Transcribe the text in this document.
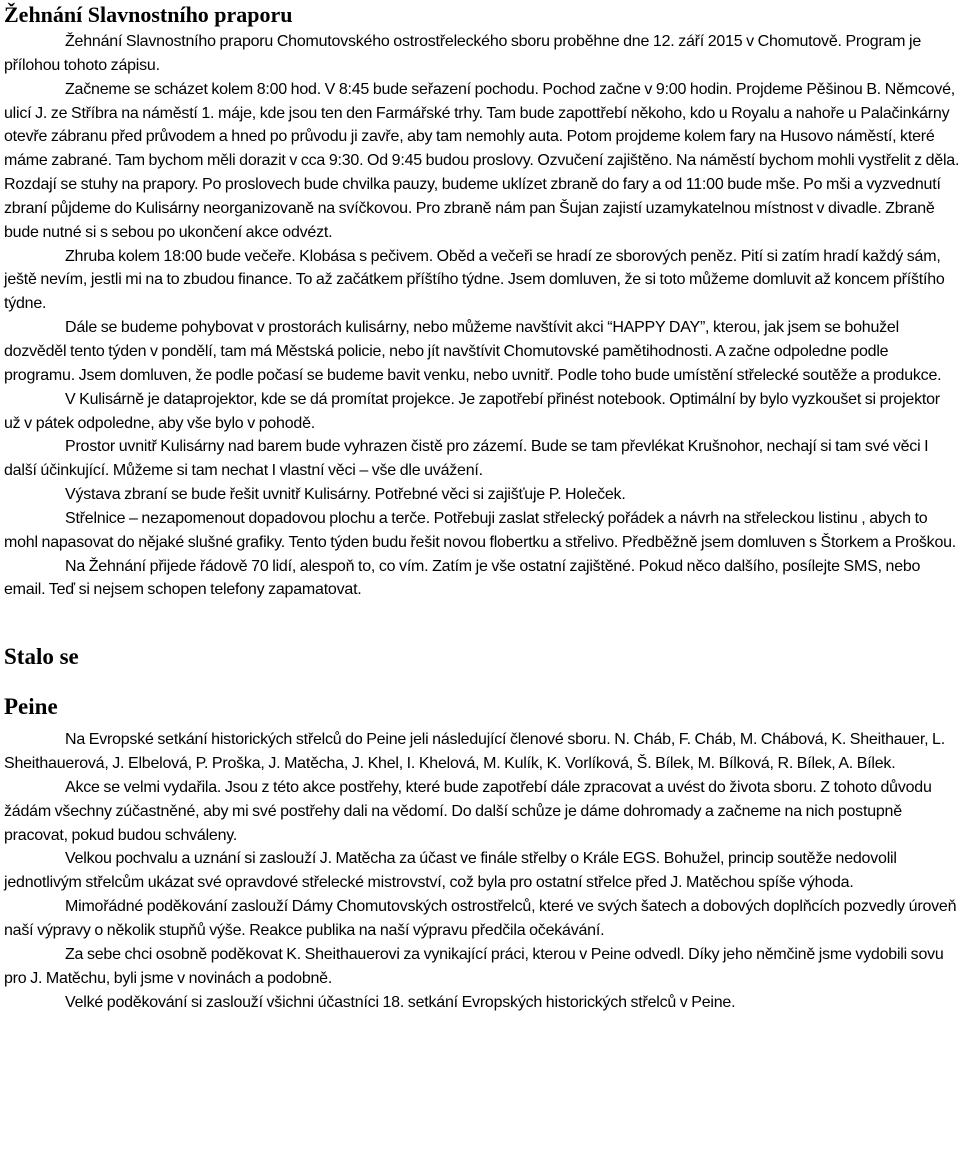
Žehnání Slavnostního praporu

Žehnání Slavnostního praporu Chomutovského ostrostřeleckého sboru proběhne dne 12. září 2015 v Chomutově. Program je přílohou tohoto zápisu.

Začneme se scházet kolem 8:00 hod. V 8:45 bude seřazení pochodu. Pochod začne v 9:00 hodin. Projdeme Pěšinou B. Němcové, ulicí J. ze Stříbra na náměstí 1. máje, kde jsou ten den Farmářské trhy. Tam bude zapottřebí někoho, kdo u Royalu a nahoře u Palačinkárny otevře zábranu před průvodem a hned po průvodu ji zavře, aby tam nemohly auta. Potom projdeme kolem fary na Husovo náměstí, které máme zabrané. Tam bychom měli dorazit v cca 9:30. Od 9:45 budou proslovy. Ozvučení zajištěno. Na náměstí bychom mohli vystřelit z děla. Rozdají se stuhy na prapory. Po proslovech bude chvilka pauzy, budeme uklízet zbraně do fary a od 11:00 bude mše. Po mši a vyzvednutí zbraní půjdeme do Kulisárny neorganizovaně na svíčkovou. Pro zbraně nám pan Šujan zajistí uzamykatelnou místnost v divadle. Zbraně bude nutné si s sebou po ukončení akce odvézt.

Zhruba kolem 18:00 bude večeře. Klobása s pečivem. Oběd a večeři se hradí ze sborových peněz. Pití si zatím hradí každý sám, ještě nevím, jestli mi na to zbudou finance. To až začátkem příštího týdne. Jsem domluven, že si toto můžeme domluvit až koncem příštího týdne.

Dále se budeme pohybovat v prostorách kulisárny, nebo můžeme navštívit akci “HAPPY DAY”, kterou, jak jsem se bohužel dozvěděl tento týden v pondělí, tam má Městská policie, nebo jít navštívit Chomutovské pamětihodnosti. A začne odpoledne podle programu. Jsem domluven, že podle počasí se budeme bavit venku, nebo uvnitř. Podle toho bude umístění střelecké soutěže a produkce.

V Kulisárně je dataprojektor, kde se dá promítat projekce. Je zapotřebí přinést notebook. Optimální by bylo vyzkoušet si projektor už v pátek odpoledne, aby vše bylo v pohodě.

Prostor uvnitř Kulisárny nad barem bude vyhrazen čistě pro zázemí. Bude se tam převlékat Krušnohor, nechají si tam své věci I další účinkující. Můžeme si tam nechat I vlastní věci – vše dle uvážení.

Výstava zbraní se bude řešit uvnitř Kulisárny. Potřebné věci si zajišťuje P. Holeček.

Střelnice – nezapomenout dopadovou plochu a terče. Potřebuji zaslat střelecký pořádek a návrh na střeleckou listinu , abych to mohl napasovat do nějaké slušné grafiky. Tento týden budu řešit novou flobertku a střelivo. Předběžně jsem domluven s Štorkem a Proškou.

Na Žehnání přijede řádově 70 lidí, alespoň to, co vím. Zatím je vše ostatní zajištěné. Pokud něco dalšího, posílejte SMS, nebo email. Teď si nejsem schopen telefony zapamatovat.

Stalo se
Peine

Na Evropské setkání historických střelců do Peine jeli následující členové sboru. N. Cháb, F. Cháb, M. Chábová, K. Sheithauer, L. Sheithauerová, J. Elbelová, P. Proška, J. Matěcha, J. Khel, I. Khelová, M. Kulík, K. Vorlíková, Š. Bílek, M. Bílková, R. Bílek, A. Bílek.

Akce se velmi vydařila. Jsou z této akce postřehy, které bude zapotřebí dále zpracovat a uvést do života sboru. Z tohoto důvodu žádám všechny zúčastněné, aby mi své postřehy dali na vědomí. Do další schůze je dáme dohromady a začneme na nich postupně pracovat, pokud budou schváleny.

Velkou pochvalu a uznání si zaslouží J. Matěcha za účast ve finále střelby o Krále EGS. Bohužel, princip soutěže nedovolil jednotlivým střelcům ukázat své opravdové střelecké mistrovství, což byla pro ostatní střelce před J. Matěchou spíše výhoda.

Mimořádné poděkování zaslouží Dámy Chomutovských ostrostřelců, které ve svých šatech a dobových doplňcích pozvedly úroveň naší výpravy o několik stupňů výše. Reakce publika na naší výpravu předčila očekávání.

Za sebe chci osobně poděkovat K. Sheithauerovi za vynikající práci, kterou v Peine odvedl. Díky jeho němčině jsme vydobili sovu pro J. Matěchu, byli jsme v novinách a podobně.

Velké poděkování si zaslouží všichni účastníci 18. setkání Evropských historických střelců v Peine.
